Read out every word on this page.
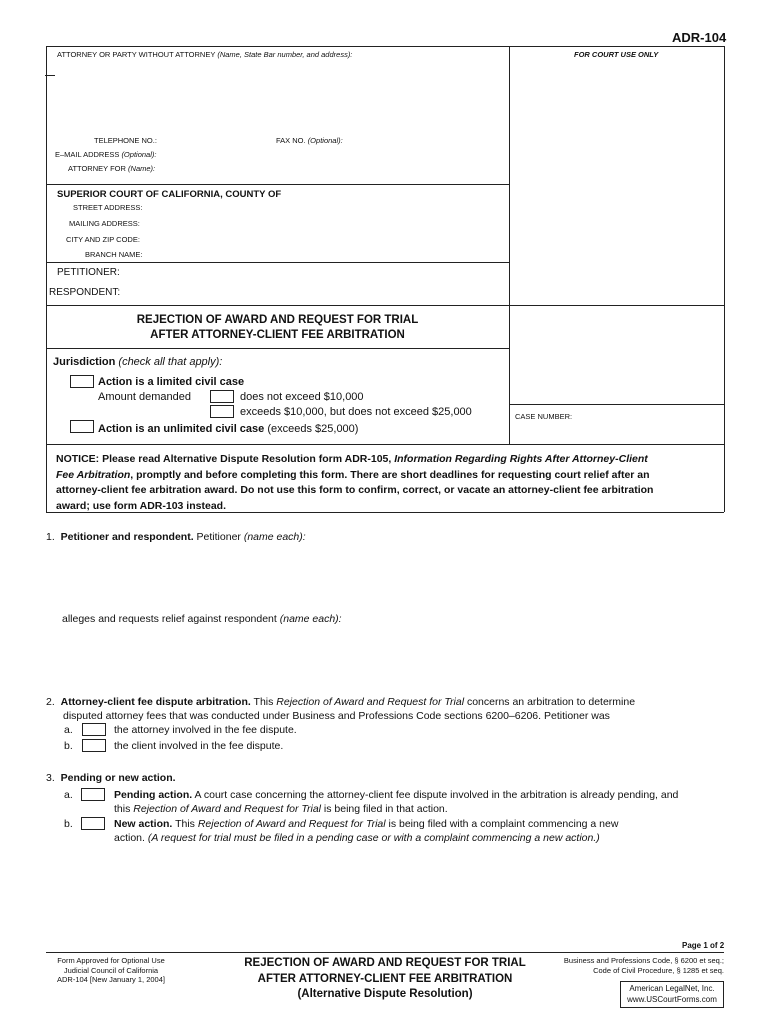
ADR-104
ATTORNEY OR PARTY WITHOUT ATTORNEY (Name, State Bar number, and address):	FOR COURT USE ONLY
TELEPHONE NO.:	FAX NO. (Optional):
E–MAIL ADDRESS (Optional):
ATTORNEY FOR (Name):
SUPERIOR COURT OF CALIFORNIA, COUNTY OF
STREET ADDRESS:
MAILING ADDRESS:
CITY AND ZIP CODE:
BRANCH NAME:
PETITIONER:
RESPONDENT:
REJECTION OF AWARD AND REQUEST FOR TRIAL
AFTER ATTORNEY-CLIENT FEE ARBITRATION
Jurisdiction (check all that apply):
Action is a limited civil case
Amount demanded	does not exceed $10,000
exceeds $10,000, but does not exceed $25,000
Action is an unlimited civil case (exceeds $25,000)
CASE NUMBER:
NOTICE: Please read Alternative Dispute Resolution form ADR-105, Information Regarding Rights After Attorney-Client
Fee Arbitration, promptly and before completing this form. There are short deadlines for requesting court relief after an
attorney-client fee arbitration award. Do not use this form to confirm, correct, or vacate an attorney-client fee arbitration
award; use form ADR-103 instead.
1. Petitioner and respondent. Petitioner (name each):
alleges and requests relief against respondent (name each):
2. Attorney-client fee dispute arbitration. This Rejection of Award and Request for Trial concerns an arbitration to determine
disputed attorney fees that was conducted under Business and Professions Code sections 6200–6206. Petitioner was
a.	the attorney involved in the fee dispute.
b.	the client involved in the fee dispute.
3. Pending or new action.
a.	Pending action. A court case concerning the attorney-client fee dispute involved in the arbitration is already pending, and
this Rejection of Award and Request for Trial is being filed in that action.
b.	New action. This Rejection of Award and Request for Trial is being filed with a complaint commencing a new
action. (A request for trial must be filed in a pending case or with a complaint commencing a new action.)
Page 1 of 2
Form Approved for Optional Use
Judicial Council of California
ADR-104 [New January 1, 2004]
REJECTION OF AWARD AND REQUEST FOR TRIAL
AFTER ATTORNEY-CLIENT FEE ARBITRATION
(Alternative Dispute Resolution)
Business and Professions Code, § 6200 et seq.;
Code of Civil Procedure, § 1285 et seq.
American LegalNet, Inc.
www.USCourtForms.com
